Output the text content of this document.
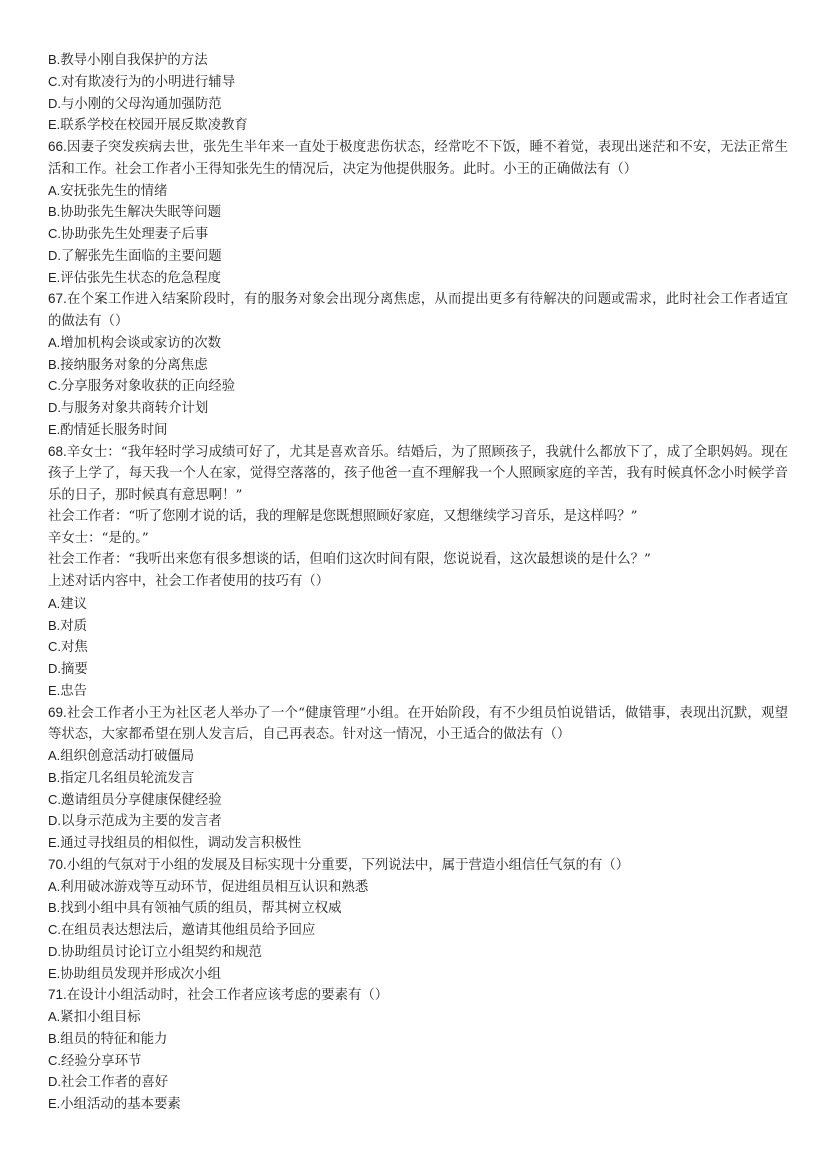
B.教导小刚自我保护的方法
C.对有欺凌行为的小明进行辅导
D.与小刚的父母沟通加强防范
E.联系学校在校园开展反欺凌教育
66.因妻子突发疾病去世，张先生半年来一直处于极度悲伤状态，经常吃不下饭，睡不着觉，表现出迷茫和不安，无法正常生活和工作。社会工作者小王得知张先生的情况后，决定为他提供服务。此时。小王的正确做法有（）
A.安抚张先生的情绪
B.协助张先生解决失眠等问题
C.协助张先生处理妻子后事
D.了解张先生面临的主要问题
E.评估张先生状态的危急程度
67.在个案工作进入结案阶段时，有的服务对象会出现分离焦虑，从而提出更多有待解决的问题或需求，此时社会工作者适宜的做法有（）
A.增加机构会谈或家访的次数
B.接纳服务对象的分离焦虑
C.分享服务对象收获的正向经验
D.与服务对象共商转介计划
E.酌情延长服务时间
68.辛女士：“我年轻时学习成绩可好了，尤其是喜欢音乐。结婚后，为了照顾孩子，我就什么都放下了，成了全职妈妈。现在孩子上学了，每天我一个人在家，觉得空落落的，孩子他爸一直不理解我一个人照顾家庭的辛苦，我有时候真怀念小时候学音乐的日子，那时候真有意思啊！”
社会工作者：“听了您刚才说的话，我的理解是您既想照顾好家庭，又想继续学习音乐，是这样吗？”
辛女士：“是的。”
社会工作者：“我听出来您有很多想谈的话，但咱们这次时间有限，您说说看，这次最想谈的是什么？”
上述对话内容中，社会工作者使用的技巧有（）
A.建议
B.对质
C.对焦
D.摘要
E.忠告
69.社会工作者小王为社区老人举办了一个“健康管理”小组。在开始阶段，有不少组员怕说错话，做错事，表现出沉默，观望等状态，大家都希望在别人发言后，自己再表态。针对这一情况，小王适合的做法有（）
A.组织创意活动打破僵局
B.指定几名组员轮流发言
C.邀请组员分享健康保健经验
D.以身示范成为主要的发言者
E.通过寻找组员的相似性，调动发言积极性
70.小组的气氛对于小组的发展及目标实现十分重要，下列说法中，属于营造小组信任气氛的有（）
A.利用破冰游戏等互动环节，促进组员相互认识和熟悉
B.找到小组中具有领袖气质的组员，帮其树立权威
C.在组员表达想法后，邀请其他组员给予回应
D.协助组员讨论订立小组契约和规范
E.协助组员发现并形成次小组
71.在设计小组活动时，社会工作者应该考虑的要素有（）
A.紧扣小组目标
B.组员的特征和能力
C.经验分享环节
D.社会工作者的喜好
E.小组活动的基本要素
